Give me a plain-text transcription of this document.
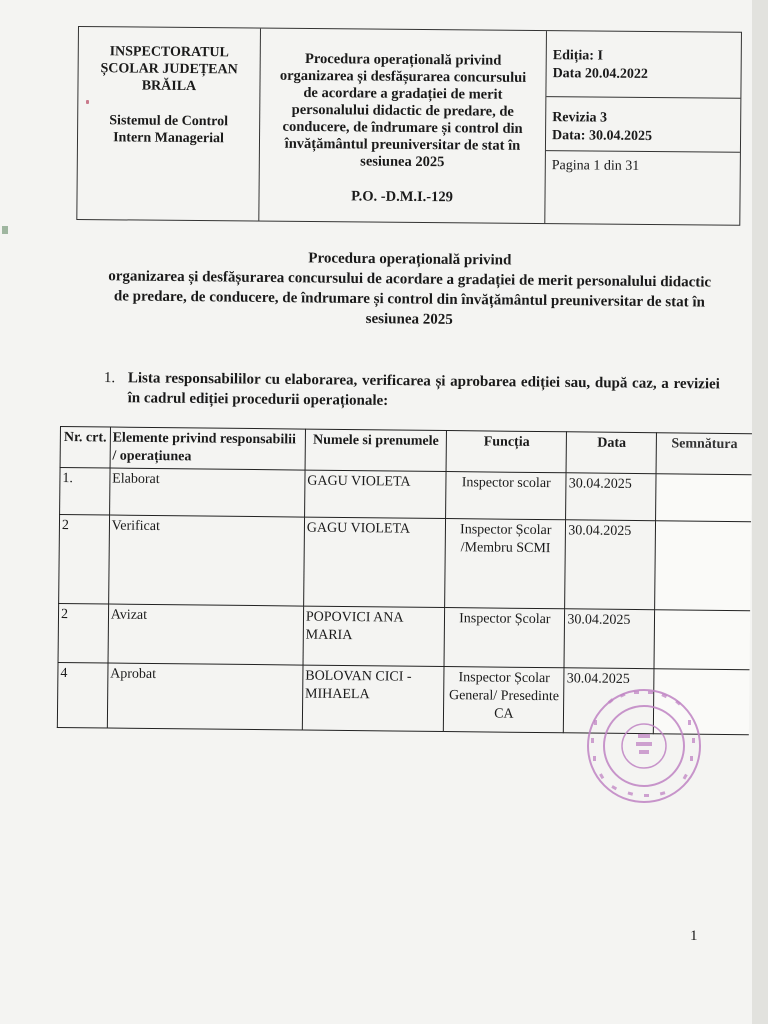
INSPECTORATUL
ȘCOLAR JUDEȚEAN
BRĂILA
Sistemul de Control
Intern Managerial
Procedura operațională privind
organizarea și desfășurarea concursului
de acordare a gradației de merit
personalului didactic de predare, de
conducere, de îndrumare și control din
învățământul preuniversitar de stat în
sesiunea 2025
P.O. -D.M.I.-129
Ediția: I
Data 20.04.2022
Revizia 3
Data: 30.04.2025
Pagina 1 din 31
Procedura operațională privind
organizarea și desfășurarea concursului de acordare a gradației de merit personalului didactic
de predare, de conducere, de îndrumare și control din învățământul preuniversitar de stat în
sesiunea 2025
1. Lista responsabililor cu elaborarea, verificarea și aprobarea ediției sau, după caz, a reviziei în cadrul ediției procedurii operaționale:
Nr. crt.	Elemente privind responsabilii / operațiunea	Numele si prenumele	Funcția	Data	Semnătura
1.	Elaborat	GAGU VIOLETA	Inspector scolar	30.04.2025	
2	Verificat	GAGU VIOLETA	Inspector Școlar /Membru SCMI	30.04.2025	
2	Avizat	POPOVICI ANA MARIA	Inspector Școlar	30.04.2025	
4	Aprobat	BOLOVAN CICI - MIHAELA	Inspector Școlar General/ Presedinte CA	30.04.2025	
1
